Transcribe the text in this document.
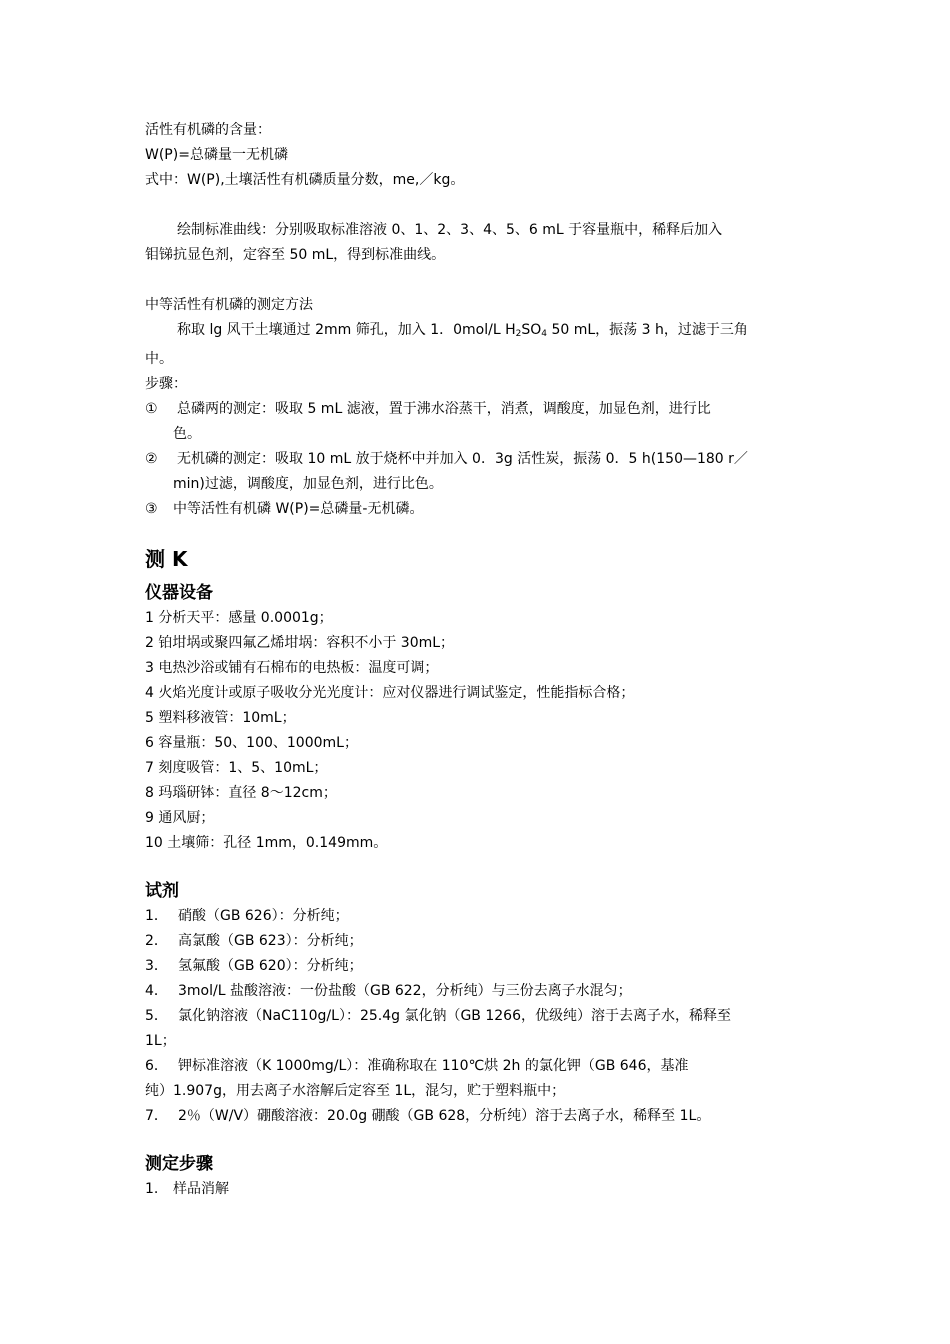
活性有机磷的含量：
W(P)=总磷量一无机磷
式中：W(P),土壤活性有机磷质量分数，me,／kg。
绘制标准曲线：分别吸取标准溶液 0、1、2、3、4、5、6 mL 于容量瓶中，稀释后加入
钼锑抗显色剂，定容至 50 mL，得到标准曲线。
中等活性有机磷的测定方法
称取 lg 风干土壤通过 2mm 筛孔，加入 1．0mol/L $H_2SO_4$ 50 mL，振荡 3 h，过滤于三角
中。
步骤：
① 总磷两的测定：吸取 5 mL 滤液，置于沸水浴蒸干，消煮，调酸度，加显色剂，进行比
色。
② 无机磷的测定：吸取 10 mL 放于烧杯中并加入 0．3g 活性炭，振荡 0．5 h(150—180 r／
min)过滤，调酸度，加显色剂，进行比色。
③ 中等活性有机磷 W(P)=总磷量-无机磷。
测 K
仪器设备
1 分析天平：感量 0.0001g；
2 铂坩埚或聚四氟乙烯坩埚：容积不小于 30mL；
3 电热沙浴或铺有石棉布的电热板：温度可调；
4 火焰光度计或原子吸收分光光度计：应对仪器进行调试鉴定，性能指标合格；
5 塑料移液管：10mL；
6 容量瓶：50、100、1000mL；
7 刻度吸管：1、5、10mL；
8 玛瑙研钵：直径 8～12cm；
9 通风厨；
10 土壤筛：孔径 1mm，0.149mm。
试剂
1． 硝酸（GB 626）：分析纯；
2． 高氯酸（GB 623）：分析纯；
3． 氢氟酸（GB 620）：分析纯；
4． 3mol/L 盐酸溶液：一份盐酸（GB 622，分析纯）与三份去离子水混匀；
5． 氯化钠溶液（NaC110g/L）：25.4g 氯化钠（GB 1266，优级纯）溶于去离子水，稀释至
1L；
6． 钾标准溶液（K 1000mg/L）：准确称取在 110℃烘 2h 的氯化钾（GB 646，基准
纯）1.907g，用去离子水溶解后定容至 1L，混匀，贮于塑料瓶中；
7． 2％（W/V）硼酸溶液：20.0g 硼酸（GB 628，分析纯）溶于去离子水，稀释至 1L。
测定步骤
1.	样品消解
